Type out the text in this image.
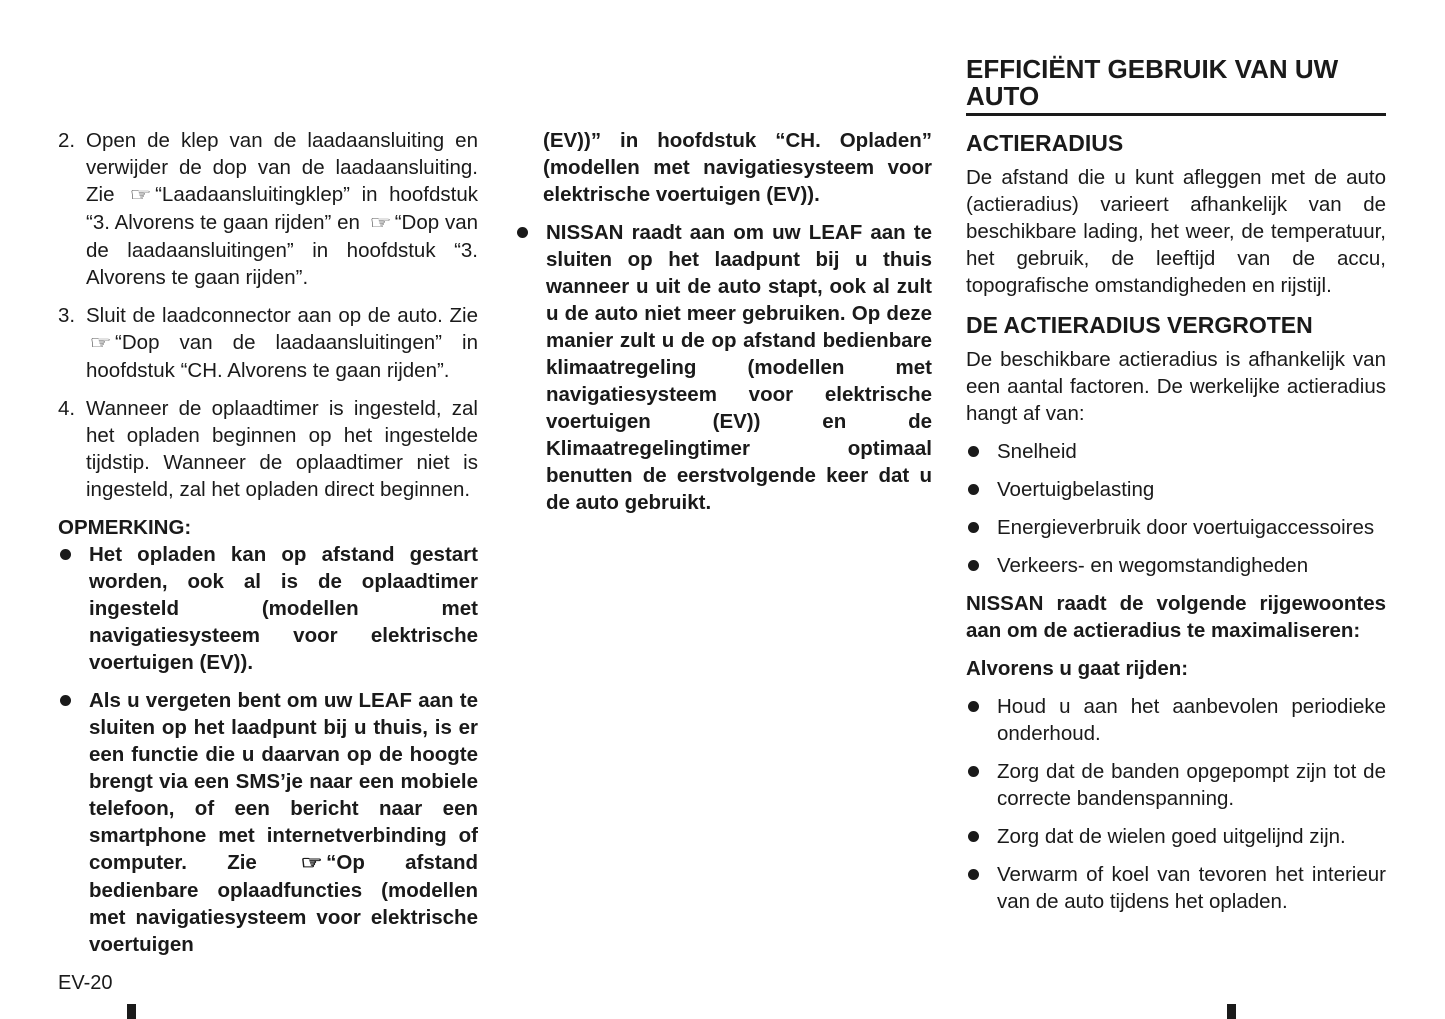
2. Open de klep van de laadaansluiting en verwijder de dop van de laadaansluiting. Zie ☞ “Laadaansluitingklep” in hoofdstuk “3. Alvorens te gaan rijden” en ☞ “Dop van de laadaansluitingen” in hoofdstuk “3. Alvorens te gaan rijden”.
3. Sluit de laadconnector aan op de auto. Zie ☞ “Dop van de laadaansluitingen” in hoofdstuk “CH. Alvorens te gaan rijden”.
4. Wanneer de oplaadtimer is ingesteld, zal het opladen beginnen op het ingestelde tijdstip. Wanneer de oplaadtimer niet is ingesteld, zal het opladen direct beginnen.
OPMERKING:
Het opladen kan op afstand gestart worden, ook al is de oplaadtimer ingesteld (modellen met navigatiesysteem voor elektrische voertuigen (EV)).
Als u vergeten bent om uw LEAF aan te sluiten op het laadpunt bij u thuis, is er een functie die u daarvan op de hoogte brengt via een SMS’je naar een mobiele telefoon, of een bericht naar een smartphone met internetverbinding of computer. Zie ☞ “Op afstand bedienbare oplaadfuncties (modellen met navigatiesysteem voor elektrische voertuigen
(EV))” in hoofdstuk “CH. Opladen” (modellen met navigatiesysteem voor elektrische voertuigen (EV)).
NISSAN raadt aan om uw LEAF aan te sluiten op het laadpunt bij u thuis wanneer u uit de auto stapt, ook al zult u de auto niet meer gebruiken. Op deze manier zult u de op afstand bedienbare klimaatregeling (modellen met navigatiesysteem voor elektrische voertuigen (EV)) en de Klimaatregelingtimer optimaal benutten de eerstvolgende keer dat u de auto gebruikt.
EFFICIËNT GEBRUIK VAN UW AUTO
ACTIERADIUS
De afstand die u kunt afleggen met de auto (actieradius) varieert afhankelijk van de beschikbare lading, het weer, de temperatuur, het gebruik, de leeftijd van de accu, topografische omstandigheden en rijstijl.
DE ACTIERADIUS VERGROTEN
De beschikbare actieradius is afhankelijk van een aantal factoren. De werkelijke actieradius hangt af van:
Snelheid
Voertuigbelasting
Energieverbruik door voertuigaccessoires
Verkeers- en wegomstandigheden
NISSAN raadt de volgende rijgewoontes aan om de actieradius te maximaliseren:
Alvorens u gaat rijden:
Houd u aan het aanbevolen periodieke onderhoud.
Zorg dat de banden opgepompt zijn tot de correcte bandenspanning.
Zorg dat de wielen goed uitgelijnd zijn.
Verwarm of koel van tevoren het interieur van de auto tijdens het opladen.
EV-20
